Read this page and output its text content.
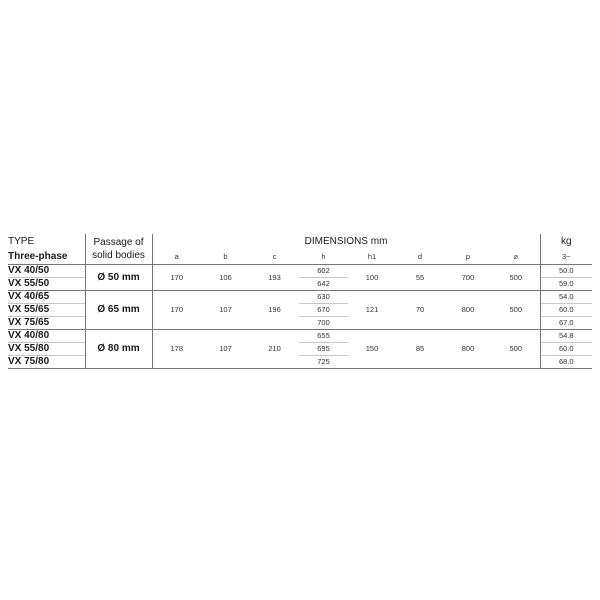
TYPE	Passage of
solid bodies	DIMENSIONS mm								kg
Three-phase		a	b	c	h	h1	d	p	⌀	3~
VX 40/50	Ø 50 mm	170	106	193	602	100	55	700	500	50.0
VX 55/50					642					59.0
VX 40/65	Ø 65 mm	170	107	196	630	121	70	800	500	54.0
VX 55/65					670					60.0
VX 75/65					700					67.0
VX 40/80	Ø 80 mm	178	107	210	655	150	85	800	500	54.8
VX 55/80					695					60.0
VX 75/80					725					68.0
